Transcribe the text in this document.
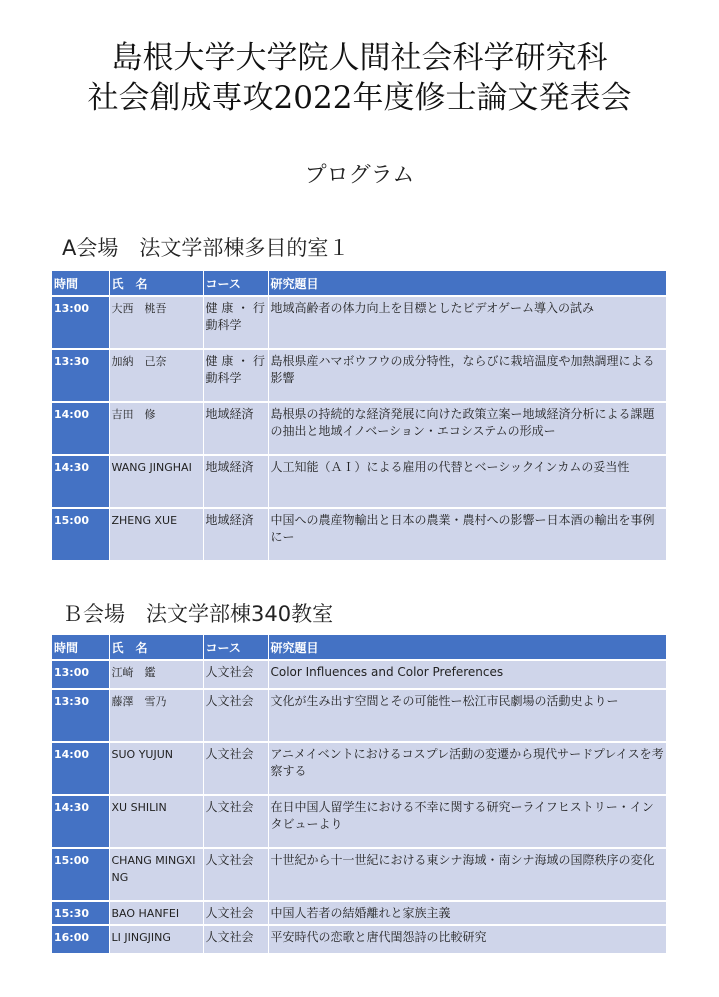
島根大学大学院人間社会科学研究科
社会創成専攻2022年度修士論文発表会
プログラム
A会場　法文学部棟多目的室１
時間	氏　名	コース	研究題目
13:00	大西　桃吾	健 康 ・ 行動科学	地域高齢者の体力向上を目標としたビデオゲーム導入の試み
13:30	加納　己奈	健 康 ・ 行動科学	島根県産ハマボウフウの成分特性，ならびに栽培温度や加熱調理による影響
14:00	吉田　修	地域経済	島根県の持続的な経済発展に向けた政策立案ー地域経済分析による課題の抽出と地域イノベーション・エコシステムの形成ー
14:30	WANG JINGHAI	地域経済	人工知能（ＡＩ）による雇用の代替とベーシックインカムの妥当性
15:00	ZHENG XUE	地域経済	中国への農産物輸出と日本の農業・農村への影響ー日本酒の輸出を事例にー
Ｂ会場　法文学部棟340教室
時間	氏　名	コース	研究題目
13:00	江崎　鑑	人文社会	Color Influences and Color Preferences
13:30	藤澤　雪乃	人文社会	文化が生み出す空間とその可能性ー松江市民劇場の活動史よりー
14:00	SUO YUJUN	人文社会	アニメイベントにおけるコスプレ活動の変遷から現代サードプレイスを考察する
14:30	XU SHILIN	人文社会	在日中国人留学生における不幸に関する研究ーライフヒストリー・インタビューより
15:00	CHANG MINGXING	人文社会	十世紀から十一世紀における東シナ海域・南シナ海域の国際秩序の変化
15:30	BAO HANFEI	人文社会	中国人若者の結婚離れと家族主義
16:00	LI JINGJING	人文社会	平安時代の恋歌と唐代閨怨詩の比較研究
